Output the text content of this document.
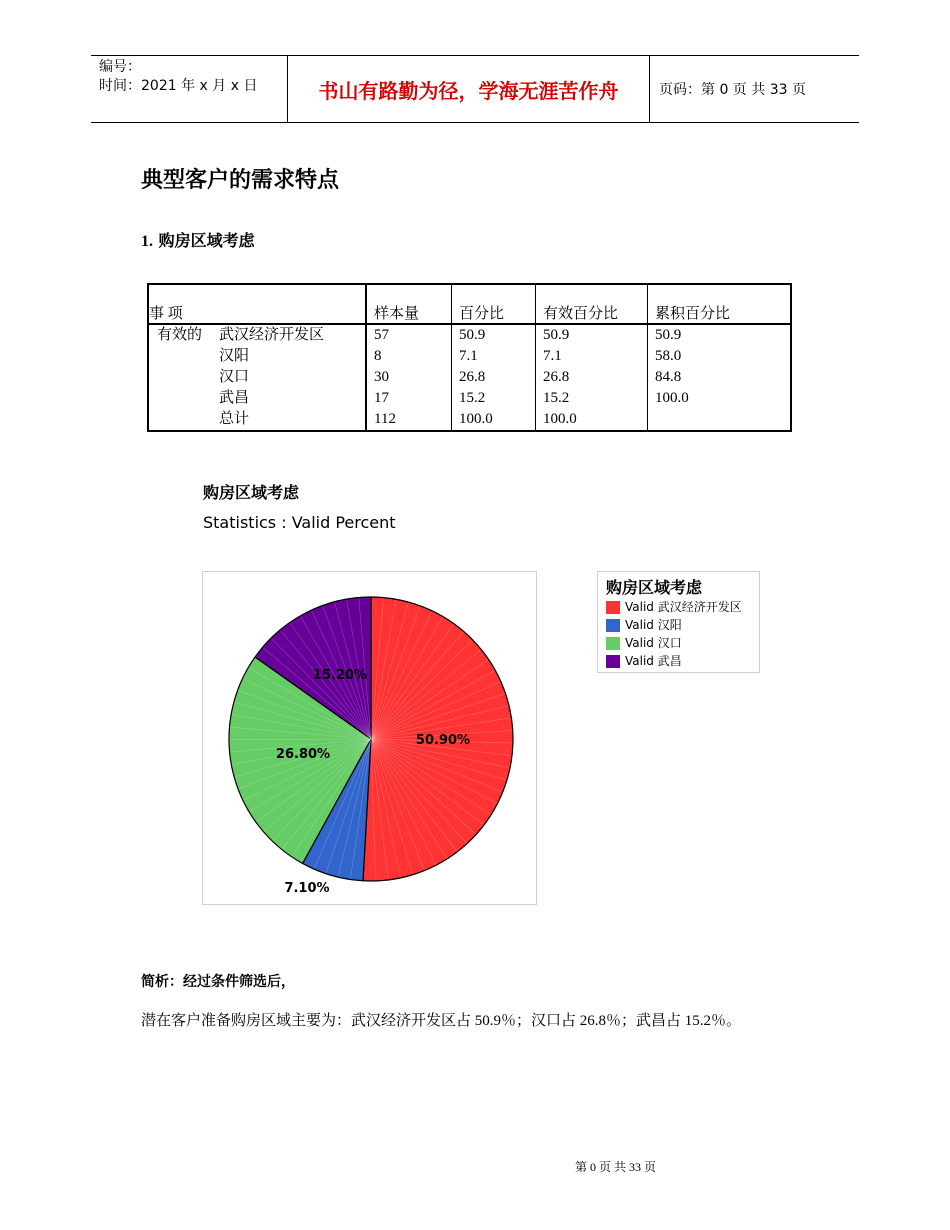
编号：
时间：2021 年 x 月 x 日	书山有路勤为径，学海无涯苦作舟	页码：第 0 页 共 33 页
典型客户的需求特点
1. 购房区域考虑
事 项	样本量	百分比	有效百分比	累积百分比
有效的 武汉经济开发区	57	50.9	50.9	50.9
汉阳	8	7.1	7.1	58.0
汉口	30	26.8	26.8	84.8
武昌	17	15.2	15.2	100.0
总计	112	100.0	100.0	
购房区域考虑
Statistics : Valid Percent
50.90%
7.10%
26.80%
15.20%
购房区域考虑
Valid 武汉经济开发区
Valid 汉阳
Valid 汉口
Valid 武昌
简析：经过条件筛选后，
潜在客户准备购房区域主要为：武汉经济开发区占 50.9％；汉口占 26.8％；武昌占 15.2％。
第 0 页 共 33 页
